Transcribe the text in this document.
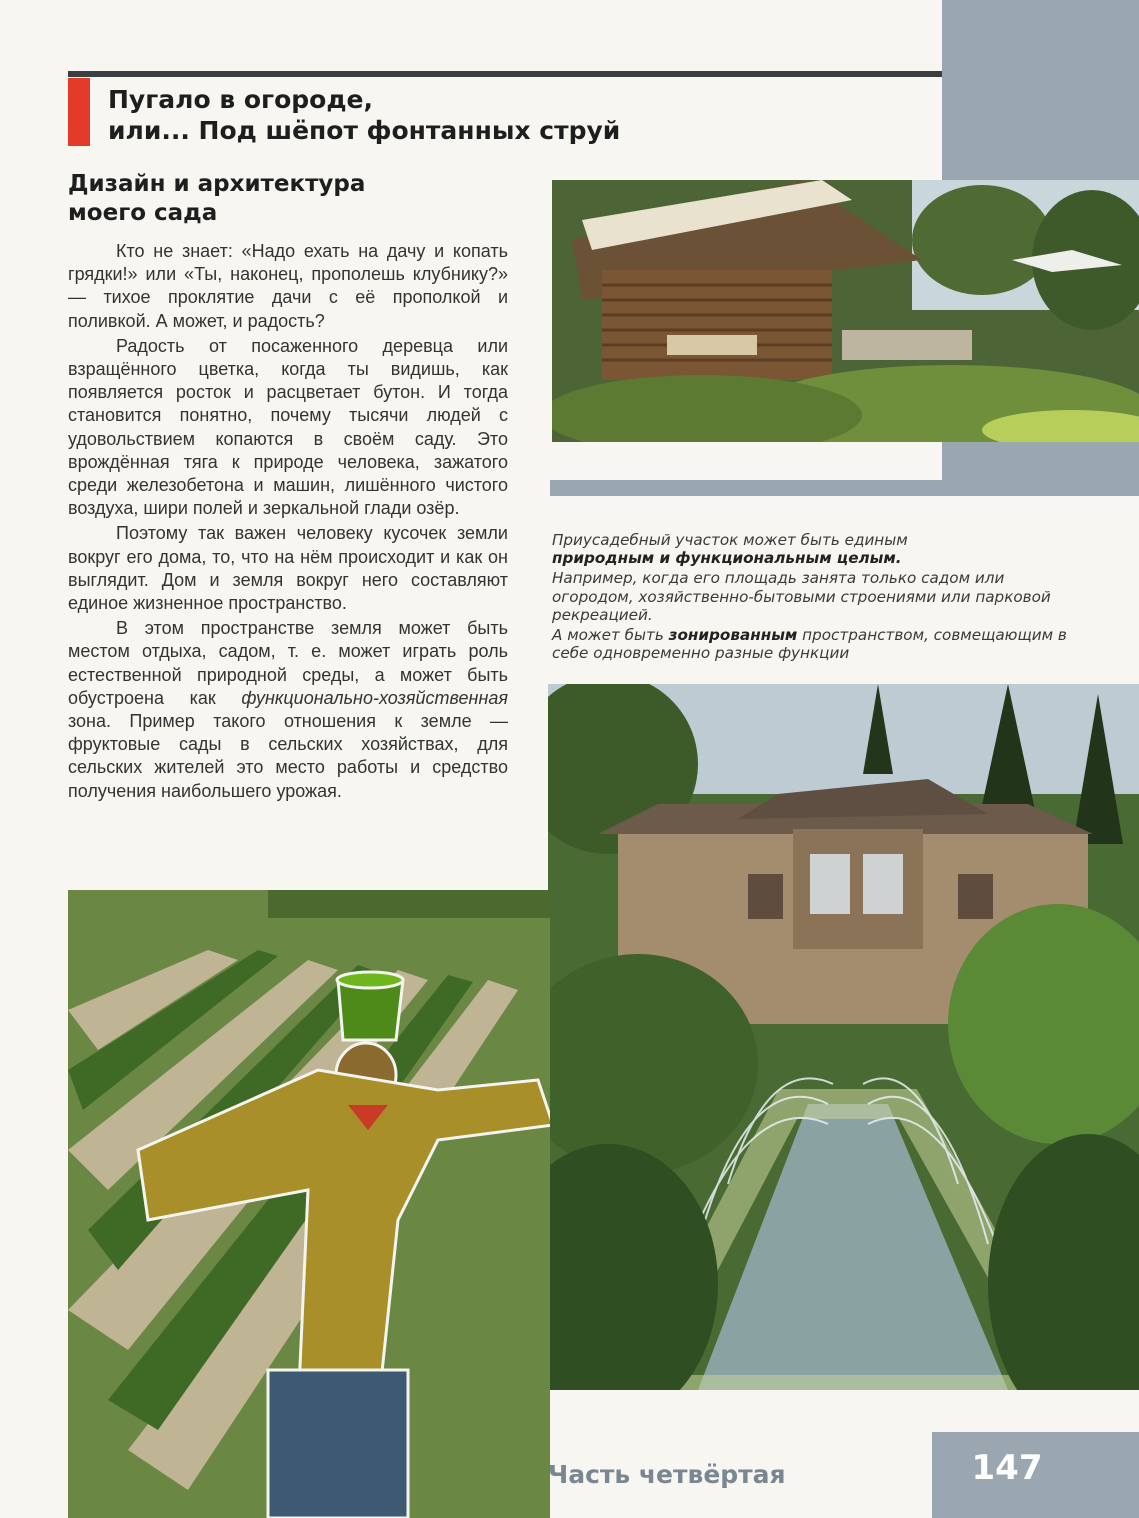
Пугало в огороде,
или... Под шёпот фонтанных струй
Дизайн и архитектура
моего сада

Кто не знает: «Надо ехать на дачу и копать грядки!» или «Ты, наконец, прополешь клубнику?» — тихое проклятие дачи с её прополкой и поливкой. А может, и радость?

Радость от посаженного деревца или взращённого цветка, когда ты видишь, как появляется росток и расцветает бутон. И тогда становится понятно, почему тысячи людей с удовольствием копаются в своём саду. Это врождённая тяга к природе человека, зажатого среди железобетона и машин, лишённого чистого воздуха, шири полей и зеркальной глади озёр.

Поэтому так важен человеку кусочек земли вокруг его дома, то, что на нём происходит и как он выглядит. Дом и земля вокруг него составляют единое жизненное пространство.

В этом пространстве земля может быть местом отдыха, садом, т. е. может играть роль естественной природной среды, а может быть обустроена как функционально-хозяйственная зона. Пример такого отношения к земле — фруктовые сады в сельских хозяйствах, для сельских жителей это место работы и средство получения наибольшего урожая.

Приусадебный участок может быть единым
природным и функциональным целым.

Например, когда его площадь занята только садом или огородом, хозяйственно-бытовыми строениями или парковой рекреацией.

А может быть зонированным пространством, совмещающим в себе одновременно разные функции

Часть четвёртая	147
